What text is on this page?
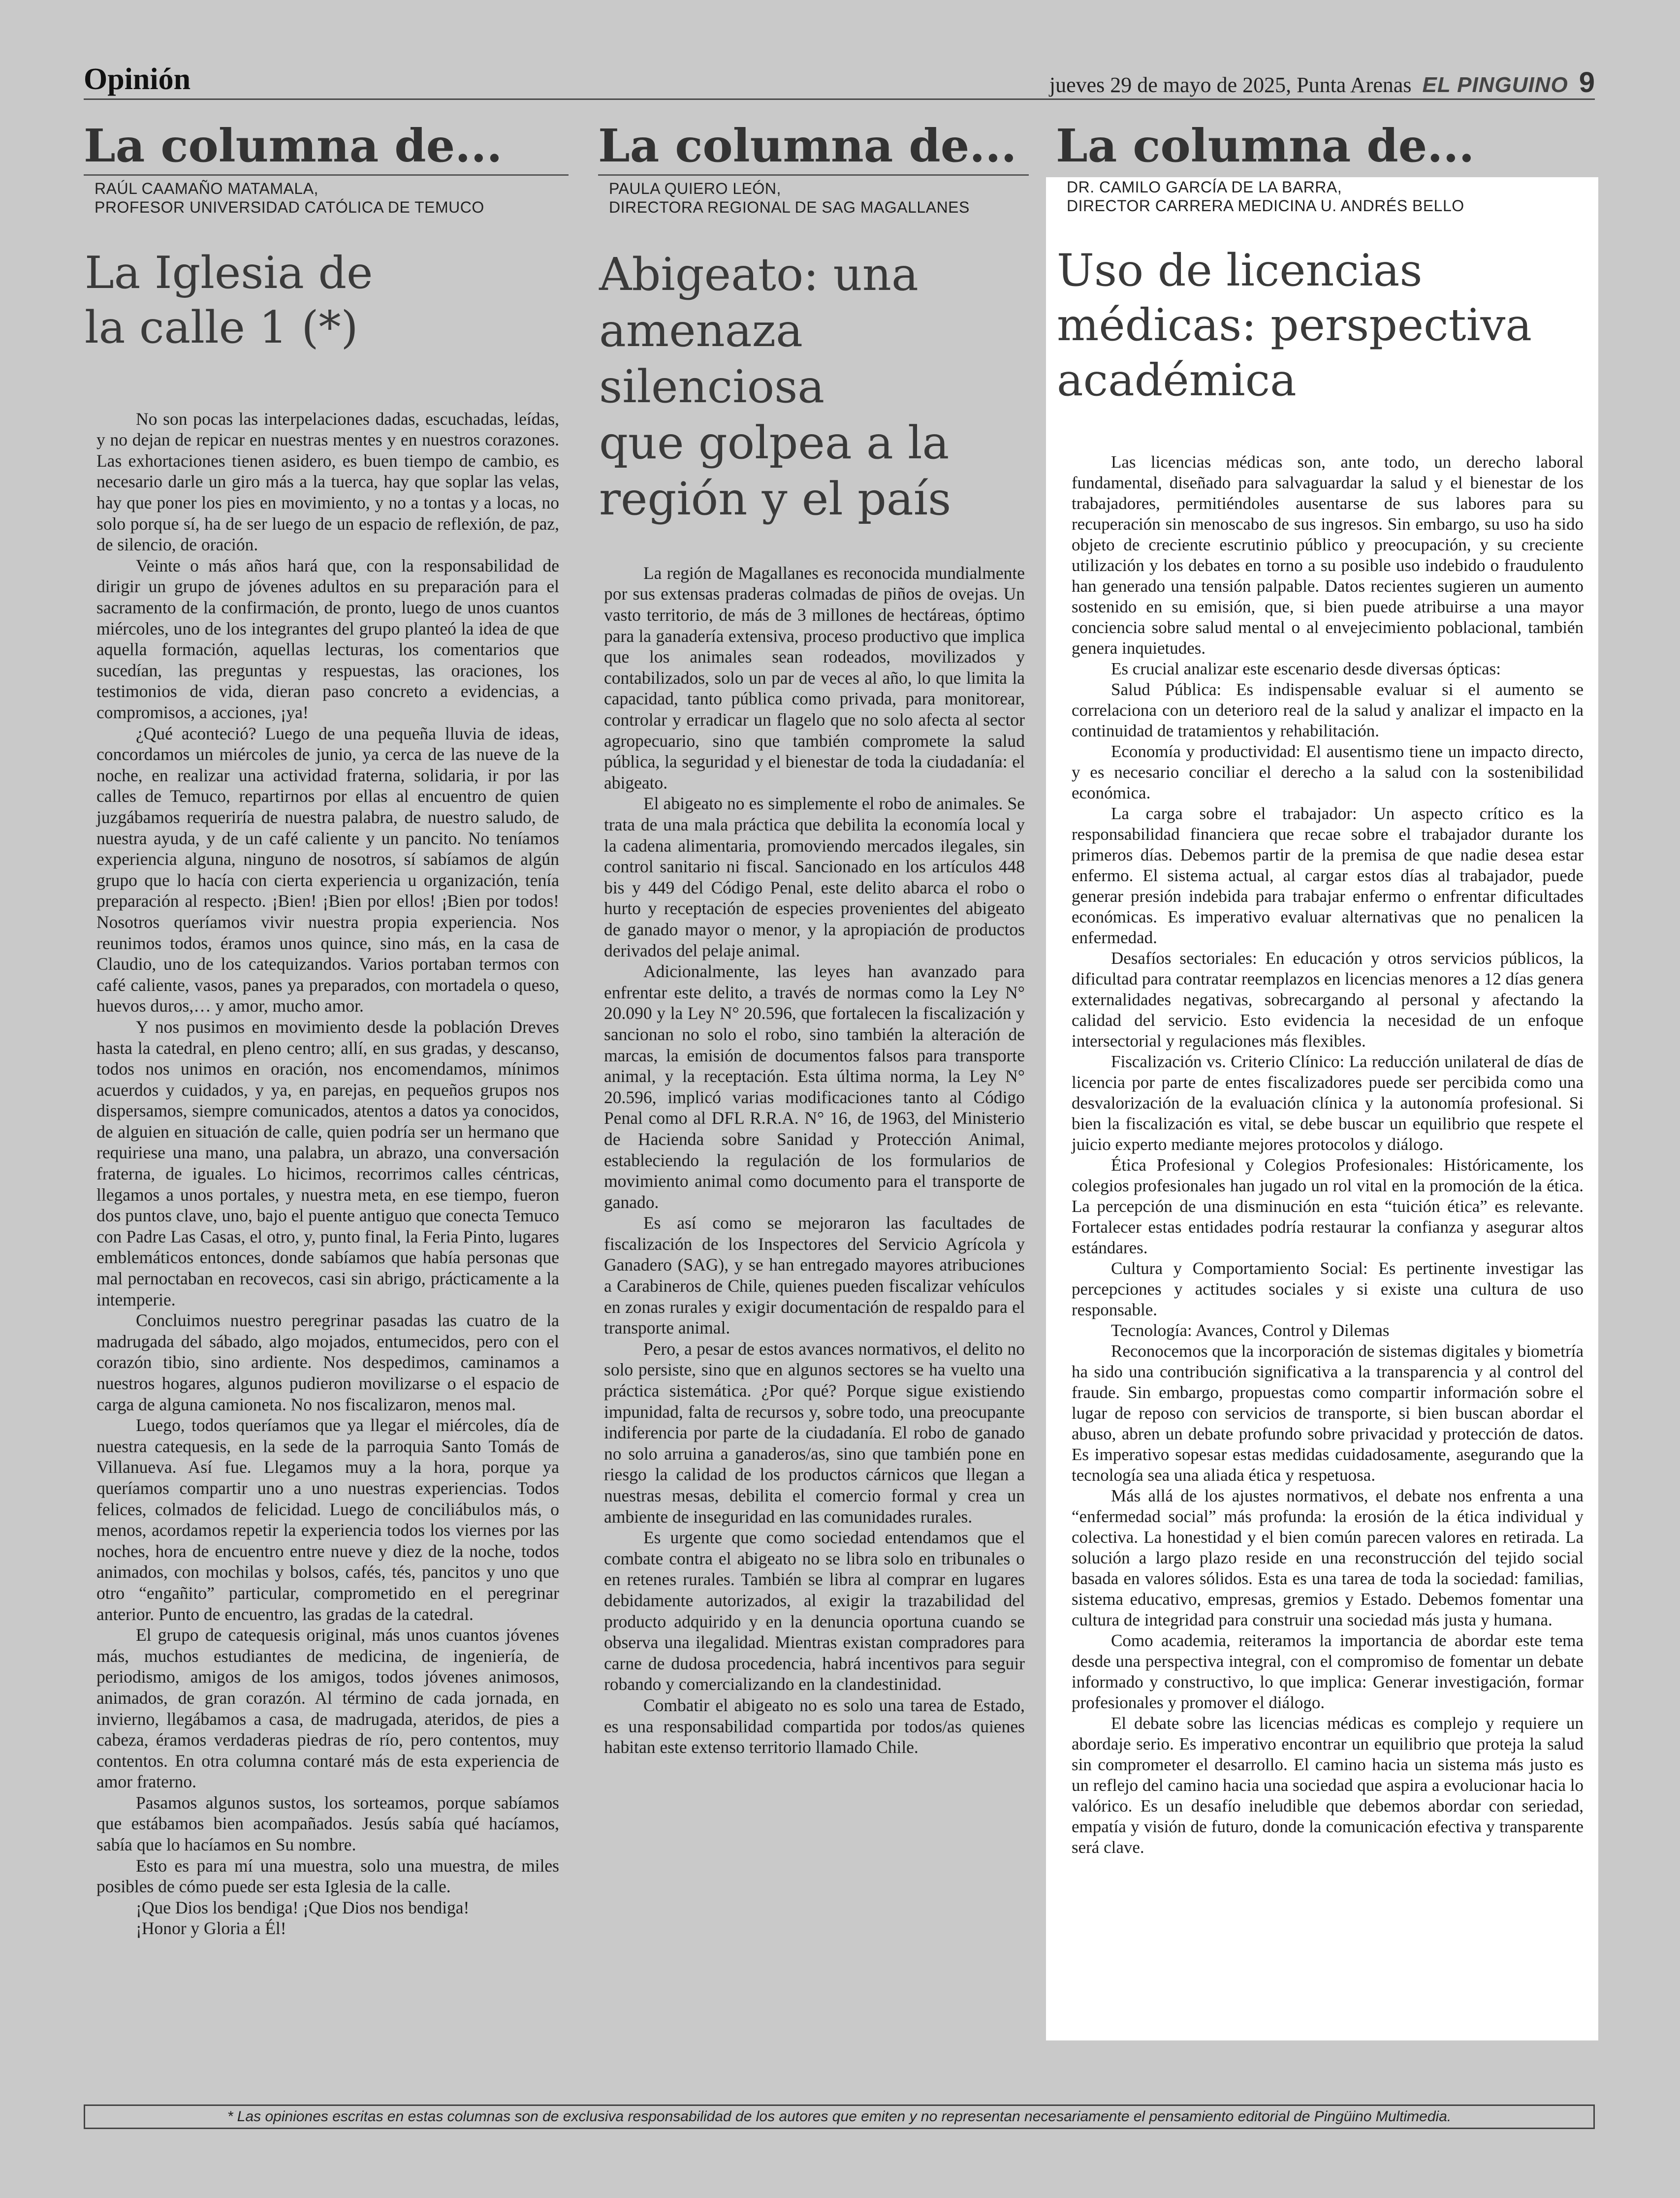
Opinión	jueves 29 de mayo de 2025, Punta Arenas EL PINGUINO 9
La columna de...
RAÚL CAAMAÑO MATAMALA,
PROFESOR UNIVERSIDAD CATÓLICA DE TEMUCO
La Iglesia de
la calle 1 (*)

No son pocas las interpelaciones dadas, escuchadas, leídas, y no dejan de repicar en nuestras mentes y en nuestros corazones. Las exhortaciones tienen asidero, es buen tiempo de cambio, es necesario darle un giro más a la tuerca, hay que soplar las velas, hay que poner los pies en movimiento, y no a tontas y a locas, no solo porque sí, ha de ser luego de un espacio de reflexión, de paz, de silencio, de oración.

Veinte o más años hará que, con la responsabilidad de dirigir un grupo de jóvenes adultos en su preparación para el sacramento de la confirmación, de pronto, luego de unos cuantos miércoles, uno de los integrantes del grupo planteó la idea de que aquella formación, aquellas lecturas, los comentarios que sucedían, las preguntas y respuestas, las oraciones, los testimonios de vida, dieran paso concreto a evidencias, a compromisos, a acciones, ¡ya!

¿Qué aconteció? Luego de una pequeña lluvia de ideas, concordamos un miércoles de junio, ya cerca de las nueve de la noche, en realizar una actividad fraterna, solidaria, ir por las calles de Temuco, repartirnos por ellas al encuentro de quien juzgábamos requeriría de nuestra palabra, de nuestro saludo, de nuestra ayuda, y de un café caliente y un pancito. No teníamos experiencia alguna, ninguno de nosotros, sí sabíamos de algún grupo que lo hacía con cierta experiencia u organización, tenía preparación al respecto. ¡Bien! ¡Bien por ellos! ¡Bien por todos! Nosotros queríamos vivir nuestra propia experiencia. Nos reunimos todos, éramos unos quince, sino más, en la casa de Claudio, uno de los catequizandos. Varios portaban termos con café caliente, vasos, panes ya preparados, con mortadela o queso, huevos duros,… y amor, mucho amor.

Y nos pusimos en movimiento desde la población Dreves hasta la catedral, en pleno centro; allí, en sus gradas, y descanso, todos nos unimos en oración, nos encomendamos, mínimos acuerdos y cuidados, y ya, en parejas, en pequeños grupos nos dispersamos, siempre comunicados, atentos a datos ya conocidos, de alguien en situación de calle, quien podría ser un hermano que requiriese una mano, una palabra, un abrazo, una conversación fraterna, de iguales. Lo hicimos, recorrimos calles céntricas, llegamos a unos portales, y nuestra meta, en ese tiempo, fueron dos puntos clave, uno, bajo el puente antiguo que conecta Temuco con Padre Las Casas, el otro, y, punto final, la Feria Pinto, lugares emblemáticos entonces, donde sabíamos que había personas que mal pernoctaban en recovecos, casi sin abrigo, prácticamente a la intemperie.

Concluimos nuestro peregrinar pasadas las cuatro de la madrugada del sábado, algo mojados, entumecidos, pero con el corazón tibio, sino ardiente. Nos despedimos, caminamos a nuestros hogares, algunos pudieron movilizarse o el espacio de carga de alguna camioneta. No nos fiscalizaron, menos mal.

Luego, todos queríamos que ya llegar el miércoles, día de nuestra catequesis, en la sede de la parroquia Santo Tomás de Villanueva. Así fue. Llegamos muy a la hora, porque ya queríamos compartir uno a uno nuestras experiencias. Todos felices, colmados de felicidad. Luego de conciliábulos más, o menos, acordamos repetir la experiencia todos los viernes por las noches, hora de encuentro entre nueve y diez de la noche, todos animados, con mochilas y bolsos, cafés, tés, pancitos y uno que otro “engañito” particular, comprometido en el peregrinar anterior. Punto de encuentro, las gradas de la catedral.

El grupo de catequesis original, más unos cuantos jóvenes más, muchos estudiantes de medicina, de ingeniería, de periodismo, amigos de los amigos, todos jóvenes animosos, animados, de gran corazón. Al término de cada jornada, en invierno, llegábamos a casa, de madrugada, ateridos, de pies a cabeza, éramos verdaderas piedras de río, pero contentos, muy contentos. En otra columna contaré más de esta experiencia de amor fraterno.

Pasamos algunos sustos, los sorteamos, porque sabíamos que estábamos bien acompañados. Jesús sabía qué hacíamos, sabía que lo hacíamos en Su nombre.

Esto es para mí una muestra, solo una muestra, de miles posibles de cómo puede ser esta Iglesia de la calle.

¡Que Dios los bendiga! ¡Que Dios nos bendiga!

¡Honor y Gloria a Él!

La columna de...
PAULA QUIERO LEÓN,
DIRECTORA REGIONAL DE SAG MAGALLANES
Abigeato: una
amenaza silenciosa
que golpea a la
región y el país

La región de Magallanes es reconocida mundialmente por sus extensas praderas colmadas de piños de ovejas. Un vasto territorio, de más de 3 millones de hectáreas, óptimo para la ganadería extensiva, proceso productivo que implica que los animales sean rodeados, movilizados y contabilizados, solo un par de veces al año, lo que limita la capacidad, tanto pública como privada, para monitorear, controlar y erradicar un flagelo que no solo afecta al sector agropecuario, sino que también compromete la salud pública, la seguridad y el bienestar de toda la ciudadanía: el abigeato.

El abigeato no es simplemente el robo de animales. Se trata de una mala práctica que debilita la economía local y la cadena alimentaria, promoviendo mercados ilegales, sin control sanitario ni fiscal. Sancionado en los artículos 448 bis y 449 del Código Penal, este delito abarca el robo o hurto y receptación de especies provenientes del abigeato de ganado mayor o menor, y la apropiación de productos derivados del pelaje animal.

Adicionalmente, las leyes han avanzado para enfrentar este delito, a través de normas como la Ley N° 20.090 y la Ley N° 20.596, que fortalecen la fiscalización y sancionan no solo el robo, sino también la alteración de marcas, la emisión de documentos falsos para transporte animal, y la receptación. Esta última norma, la Ley N° 20.596, implicó varias modificaciones tanto al Código Penal como al DFL R.R.A. N° 16, de 1963, del Ministerio de Hacienda sobre Sanidad y Protección Animal, estableciendo la regulación de los formularios de movimiento animal como documento para el transporte de ganado.

Es así como se mejoraron las facultades de fiscalización de los Inspectores del Servicio Agrícola y Ganadero (SAG), y se han entregado mayores atribuciones a Carabineros de Chile, quienes pueden fiscalizar vehículos en zonas rurales y exigir documentación de respaldo para el transporte animal.

Pero, a pesar de estos avances normativos, el delito no solo persiste, sino que en algunos sectores se ha vuelto una práctica sistemática. ¿Por qué? Porque sigue existiendo impunidad, falta de recursos y, sobre todo, una preocupante indiferencia por parte de la ciudadanía. El robo de ganado no solo arruina a ganaderos/as, sino que también pone en riesgo la calidad de los productos cárnicos que llegan a nuestras mesas, debilita el comercio formal y crea un ambiente de inseguridad en las comunidades rurales.

Es urgente que como sociedad entendamos que el combate contra el abigeato no se libra solo en tribunales o en retenes rurales. También se libra al comprar en lugares debidamente autorizados, al exigir la trazabilidad del producto adquirido y en la denuncia oportuna cuando se observa una ilegalidad. Mientras existan compradores para carne de dudosa procedencia, habrá incentivos para seguir robando y comercializando en la clandestinidad.

Combatir el abigeato no es solo una tarea de Estado, es una responsabilidad compartida por todos/as quienes habitan este extenso territorio llamado Chile.

La columna de...
DR. CAMILO GARCÍA DE LA BARRA,
DIRECTOR CARRERA MEDICINA U. ANDRÉS BELLO
Uso de licencias
médicas: perspectiva
académica

Las licencias médicas son, ante todo, un derecho laboral fundamental, diseñado para salvaguardar la salud y el bienestar de los trabajadores, permitiéndoles ausentarse de sus labores para su recuperación sin menoscabo de sus ingresos. Sin embargo, su uso ha sido objeto de creciente escrutinio público y preocupación, y su creciente utilización y los debates en torno a su posible uso indebido o fraudulento han generado una tensión palpable. Datos recientes sugieren un aumento sostenido en su emisión, que, si bien puede atribuirse a una mayor conciencia sobre salud mental o al envejecimiento poblacional, también genera inquietudes.

Es crucial analizar este escenario desde diversas ópticas:

Salud Pública: Es indispensable evaluar si el aumento se correlaciona con un deterioro real de la salud y analizar el impacto en la continuidad de tratamientos y rehabilitación.

Economía y productividad: El ausentismo tiene un impacto directo, y es necesario conciliar el derecho a la salud con la sostenibilidad económica.

La carga sobre el trabajador: Un aspecto crítico es la responsabilidad financiera que recae sobre el trabajador durante los primeros días. Debemos partir de la premisa de que nadie desea estar enfermo. El sistema actual, al cargar estos días al trabajador, puede generar presión indebida para trabajar enfermo o enfrentar dificultades económicas. Es imperativo evaluar alternativas que no penalicen la enfermedad.

Desafíos sectoriales: En educación y otros servicios públicos, la dificultad para contratar reemplazos en licencias menores a 12 días genera externalidades negativas, sobrecargando al personal y afectando la calidad del servicio. Esto evidencia la necesidad de un enfoque intersectorial y regulaciones más flexibles.

Fiscalización vs. Criterio Clínico: La reducción unilateral de días de licencia por parte de entes fiscalizadores puede ser percibida como una desvalorización de la evaluación clínica y la autonomía profesional. Si bien la fiscalización es vital, se debe buscar un equilibrio que respete el juicio experto mediante mejores protocolos y diálogo.

Ética Profesional y Colegios Profesionales: Históricamente, los colegios profesionales han jugado un rol vital en la promoción de la ética. La percepción de una disminución en esta “tuición ética” es relevante. Fortalecer estas entidades podría restaurar la confianza y asegurar altos estándares.

Cultura y Comportamiento Social: Es pertinente investigar las percepciones y actitudes sociales y si existe una cultura de uso responsable.

Tecnología: Avances, Control y Dilemas

Reconocemos que la incorporación de sistemas digitales y biometría ha sido una contribución significativa a la transparencia y al control del fraude. Sin embargo, propuestas como compartir información sobre el lugar de reposo con servicios de transporte, si bien buscan abordar el abuso, abren un debate profundo sobre privacidad y protección de datos. Es imperativo sopesar estas medidas cuidadosamente, asegurando que la tecnología sea una aliada ética y respetuosa.

Más allá de los ajustes normativos, el debate nos enfrenta a una “enfermedad social” más profunda: la erosión de la ética individual y colectiva. La honestidad y el bien común parecen valores en retirada. La solución a largo plazo reside en una reconstrucción del tejido social basada en valores sólidos. Esta es una tarea de toda la sociedad: familias, sistema educativo, empresas, gremios y Estado. Debemos fomentar una cultura de integridad para construir una sociedad más justa y humana.

Como academia, reiteramos la importancia de abordar este tema desde una perspectiva integral, con el compromiso de fomentar un debate informado y constructivo, lo que implica: Generar investigación, formar profesionales y promover el diálogo.

El debate sobre las licencias médicas es complejo y requiere un abordaje serio. Es imperativo encontrar un equilibrio que proteja la salud sin comprometer el desarrollo. El camino hacia un sistema más justo es un reflejo del camino hacia una sociedad que aspira a evolucionar hacia lo valórico. Es un desafío ineludible que debemos abordar con seriedad, empatía y visión de futuro, donde la comunicación efectiva y transparente será clave.

* Las opiniones escritas en estas columnas son de exclusiva responsabilidad de los autores que emiten y no representan necesariamente el pensamiento editorial de Pingüino Multimedia.
